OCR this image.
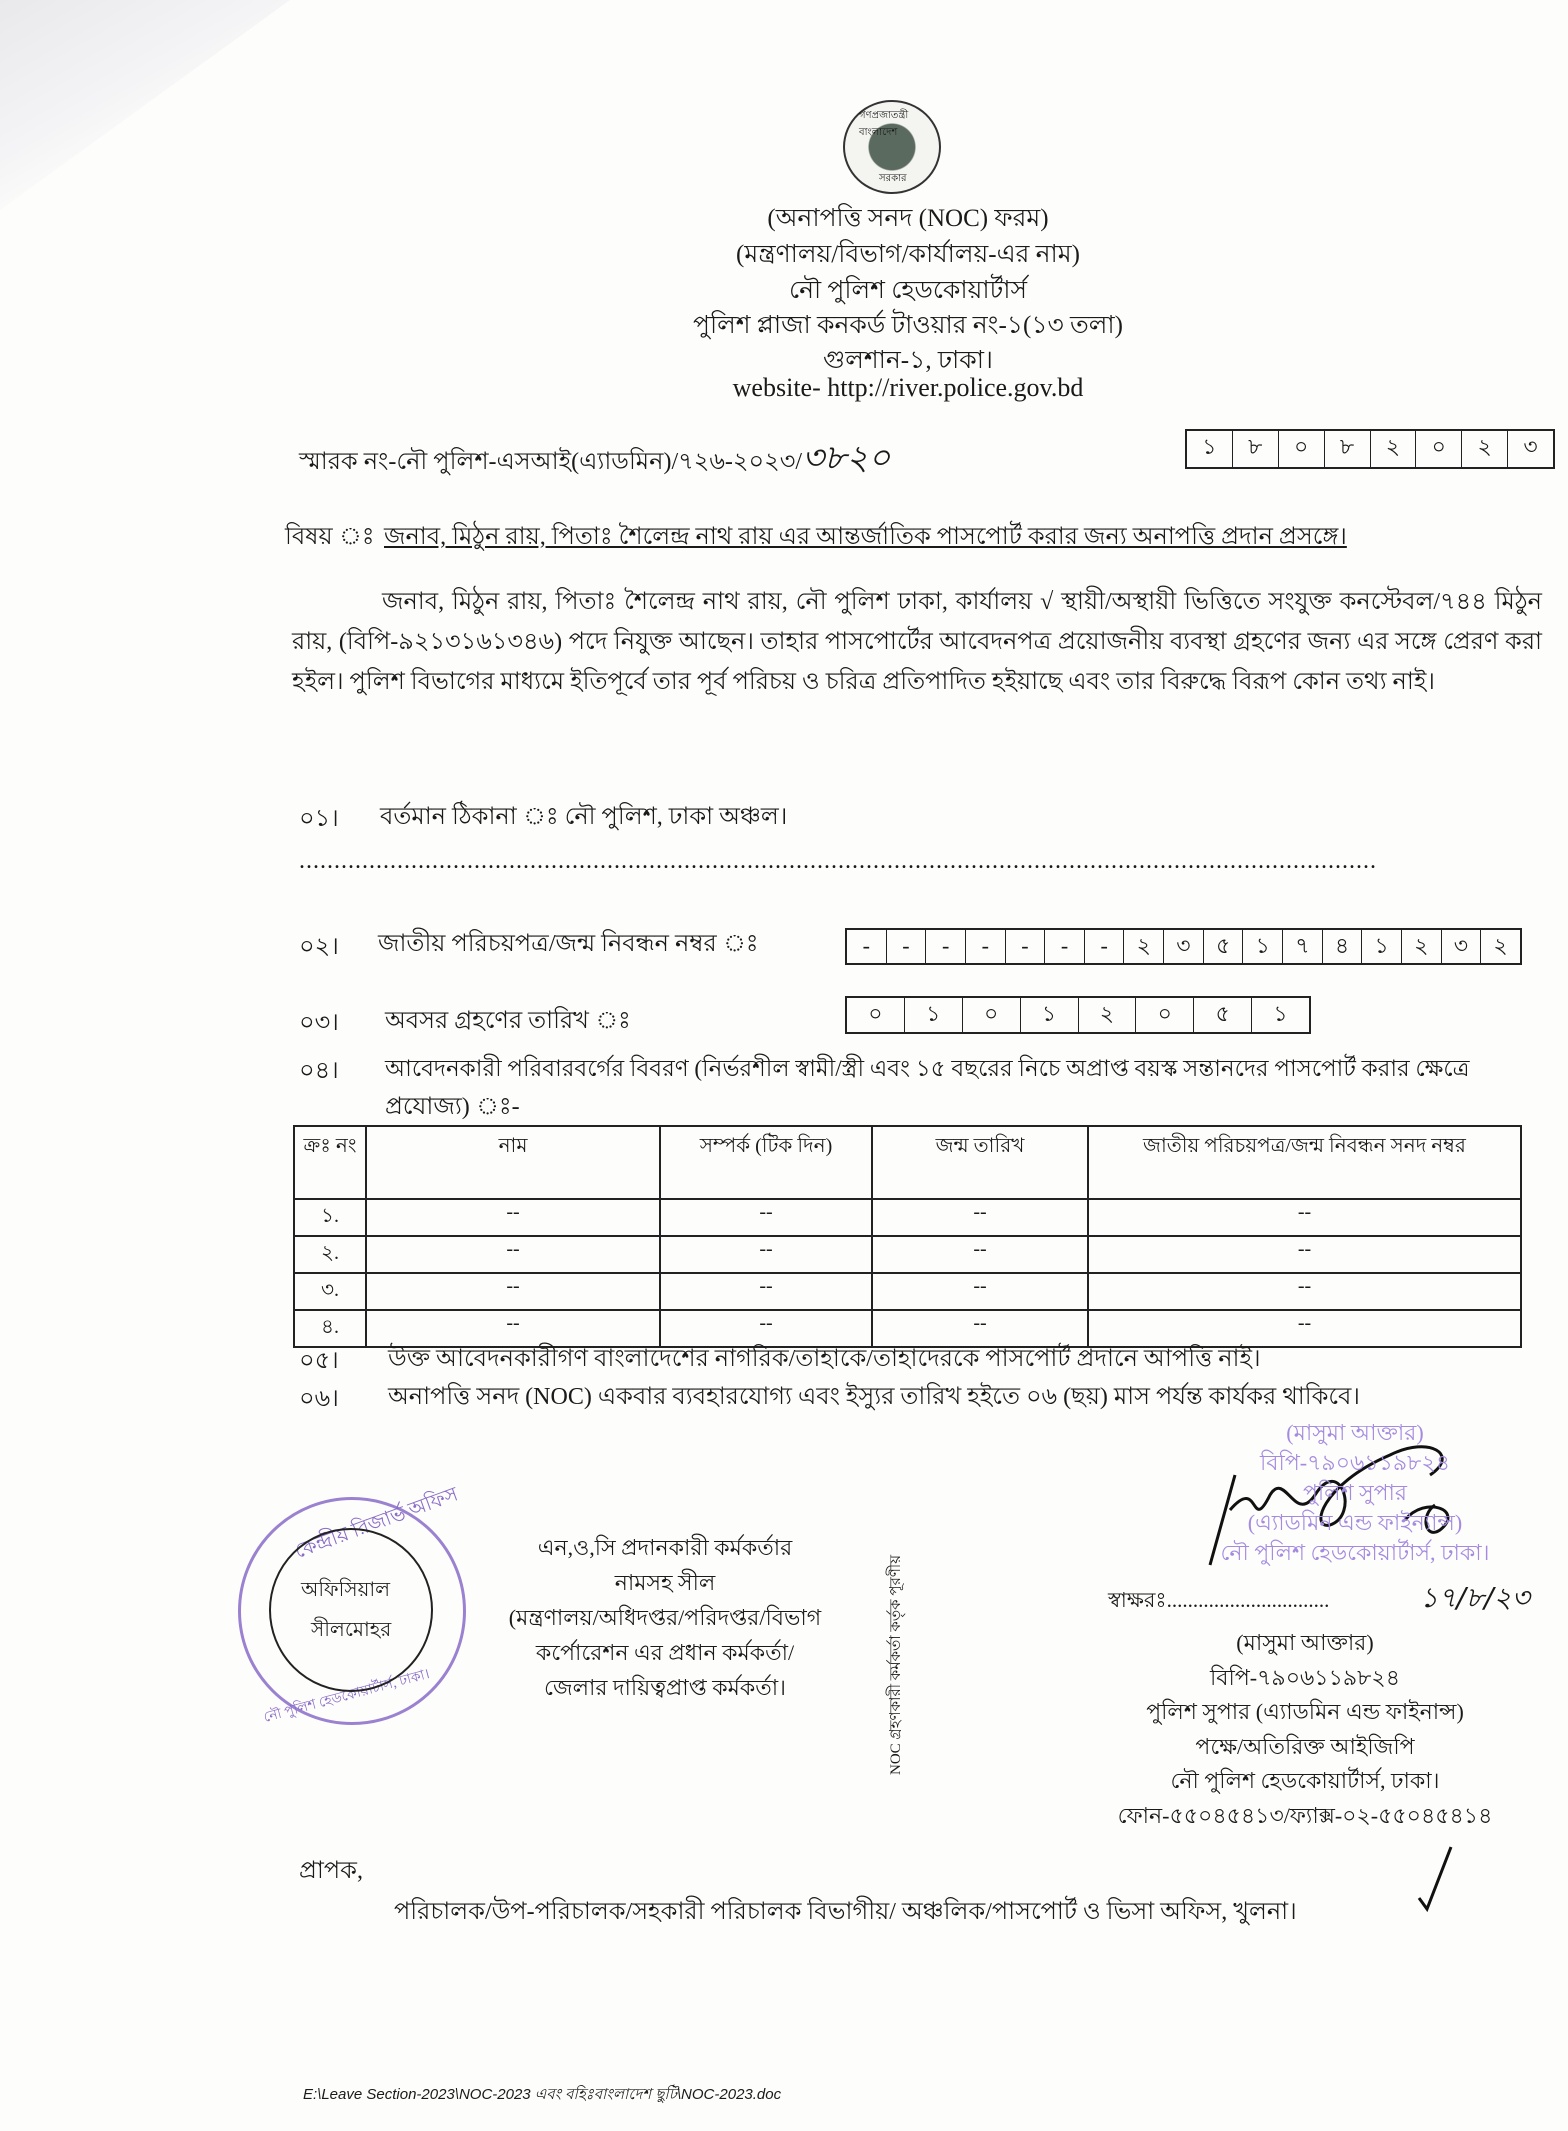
গণপ্রজাতন্ত্রী বাংলাদেশ
সরকার
(অনাপত্তি সনদ (NOC) ফরম)
(মন্ত্রণালয়/বিভাগ/কার্যালয়-এর নাম)
নৌ পুলিশ হেডকোয়ার্টার্স
পুলিশ প্লাজা কনকর্ড টাওয়ার নং-১(১৩ তলা)
গুলশান-১, ঢাকা।
website- http://river.police.gov.bd
স্মারক নং-নৌ পুলিশ-এসআই(এ্যাডমিন)/৭২৬-২০২৩/৩৮২০	১	৮	০	৮	২	০	২	৩
বিষয় ঃ জনাব, মিঠুন রায়, পিতাঃ শৈলেন্দ্র নাথ রায় এর আন্তর্জাতিক পাসপোর্ট করার জন্য অনাপত্তি প্রদান প্রসঙ্গে।
জনাব, মিঠুন রায়, পিতাঃ শৈলেন্দ্র নাথ রায়, নৌ পুলিশ ঢাকা, কার্যালয় √ স্থায়ী/অস্থায়ী ভিত্তিতে সংযুক্ত কনস্টেবল/৭৪৪ মিঠুন রায়, (বিপি-৯২১৩১৬১৩৪৬) পদে নিযুক্ত আছেন। তাহার পাসপোর্টের আবেদনপত্র প্রয়োজনীয় ব্যবস্থা গ্রহণের জন্য এর সঙ্গে প্রেরণ করা হইল। পুলিশ বিভাগের মাধ্যমে ইতিপূর্বে তার পূর্ব পরিচয় ও চরিত্র প্রতিপাদিত হইয়াছে এবং তার বিরুদ্ধে বিরূপ কোন তথ্য নাই।
০১। বর্তমান ঠিকানা ঃ নৌ পুলিশ, ঢাকা অঞ্চল।
..........................................................................................................................................................
০২। জাতীয় পরিচয়পত্র/জন্ম নিবন্ধন নম্বর ঃ	-	-	-	-	-	-	-	২	৩	৫	১	৭	৪	১	২	৩	২
০৩। অবসর গ্রহণের তারিখ ঃ	০	১	০	১	২	০	৫	১
০৪। আবেদনকারী পরিবারবর্গের বিবরণ (নির্ভরশীল স্বামী/স্ত্রী এবং ১৫ বছরের নিচে অপ্রাপ্ত বয়স্ক সন্তানদের পাসপোর্ট করার ক্ষেত্রে
প্রযোজ্য) ঃ-
ক্রঃ নং	নাম	সম্পর্ক (টিক দিন)	জন্ম তারিখ	জাতীয় পরিচয়পত্র/জন্ম নিবন্ধন সনদ নম্বর
১.	--	--	--	--
২.	--	--	--	--
৩.	--	--	--	--
৪.	--	--	--	--
০৫। উক্ত আবেদনকারীগণ বাংলাদেশের নাগরিক/তাহাকে/তাহাদেরকে পাসপোর্ট প্রদানে আপত্তি নাই।
০৬। অনাপত্তি সনদ (NOC) একবার ব্যবহারযোগ্য এবং ইস্যুর তারিখ হইতে ০৬ (ছয়) মাস পর্যন্ত কার্যকর থাকিবে।
কেন্দ্রীয় রিজার্ভ অফিস
নৌ পুলিশ হেডকোয়ার্টার্স, ঢাকা।
অফিসিয়াল
সীলমোহর
এন,ও,সি প্রদানকারী কর্মকর্তার
নামসহ সীল
(মন্ত্রণালয়/অধিদপ্তর/পরিদপ্তর/বিভাগ
কর্পোরেশন এর প্রধান কর্মকর্তা/
জেলার দায়িত্বপ্রাপ্ত কর্মকর্তা।	NOC গ্রহণকারী কর্মকর্তা কর্তৃক পূরণীয়
(মাসুমা আক্তার)
বিপি-৭৯০৬১১৯৮২৪
পুলিশ সুপার
(এ্যাডমিন এন্ড ফাইন্যান্স)
নৌ পুলিশ হেডকোয়ার্টার্স, ঢাকা।
স্বাক্ষরঃ...............................	১৭/৮/২৩
(মাসুমা আক্তার)
বিপি-৭৯০৬১১৯৮২৪
পুলিশ সুপার (এ্যাডমিন এন্ড ফাইনান্স)
পক্ষে/অতিরিক্ত আইজিপি
নৌ পুলিশ হেডকোয়ার্টার্স, ঢাকা।
ফোন-৫৫০৪৫৪১৩/ফ্যাক্স-০২-৫৫০৪৫৪১৪
প্রাপক,
পরিচালক/উপ-পরিচালক/সহকারী পরিচালক বিভাগীয়/ অঞ্চলিক/পাসপোর্ট ও ভিসা অফিস, খুলনা।
E:\Leave Section-2023\NOC-2023 এবং বহিঃবাংলাদেশ ছুটি\NOC-2023.doc
